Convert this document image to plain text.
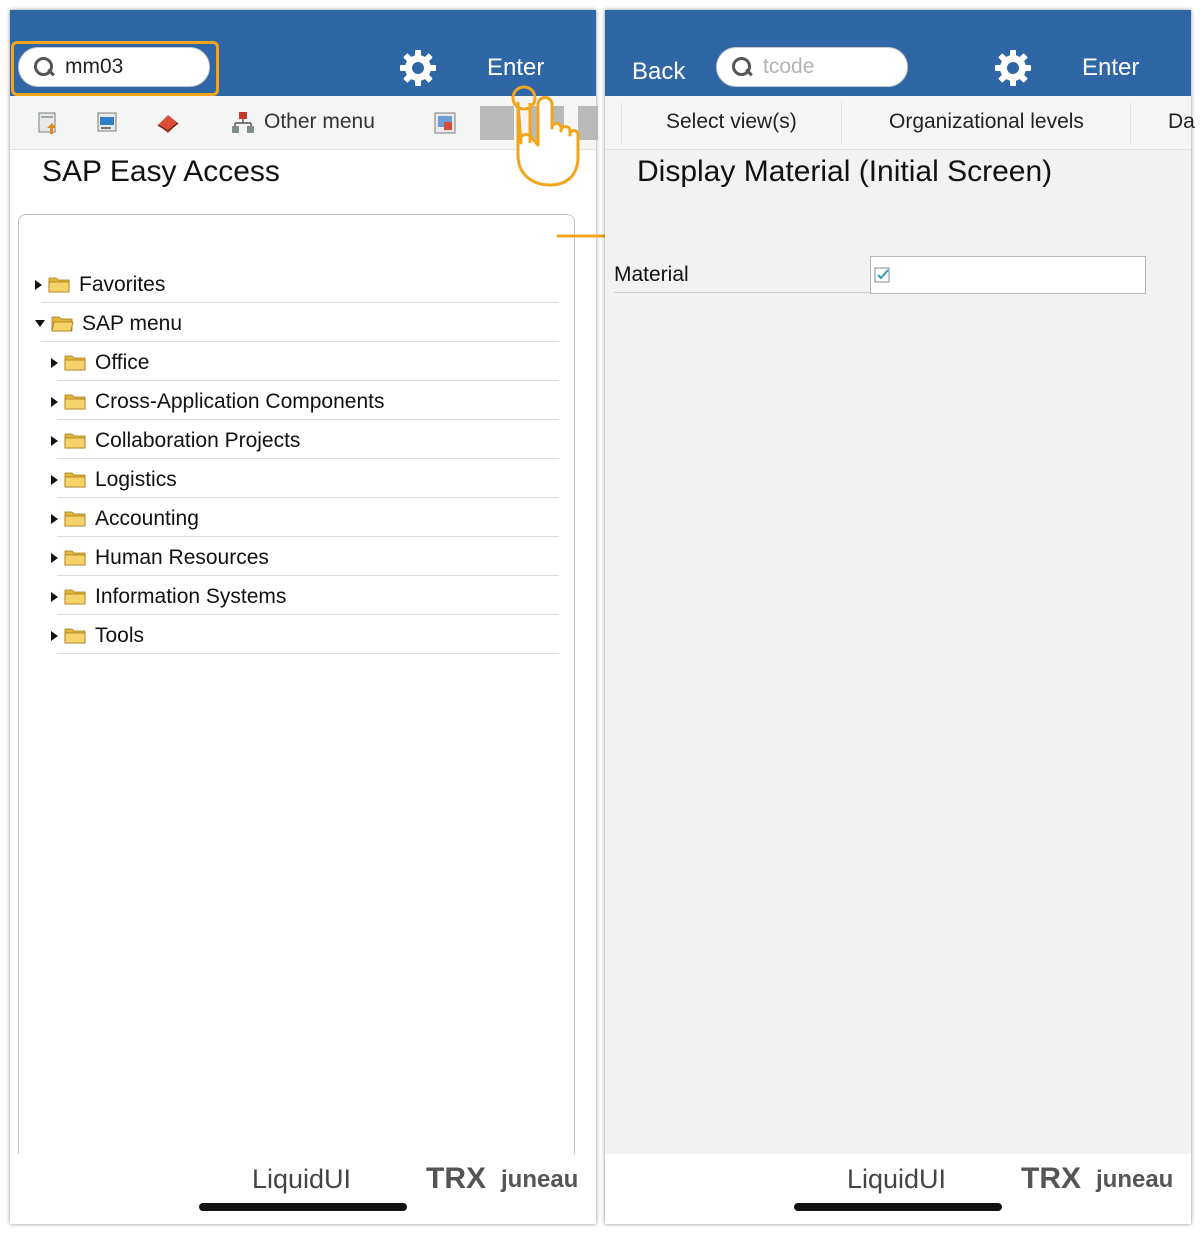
mm03	Enter
Other menu
SAP Easy Access
Favorites
SAP menu
Office
Cross-Application Components
Collaboration Projects
Logistics
Accounting
Human Resources
Information Systems
Tools
LiquidUI TRX juneau
Back	tcode	Enter
Select view(s)	Organizational levels	Da
Display Material (Initial Screen)
Material
LiquidUI TRX juneau
